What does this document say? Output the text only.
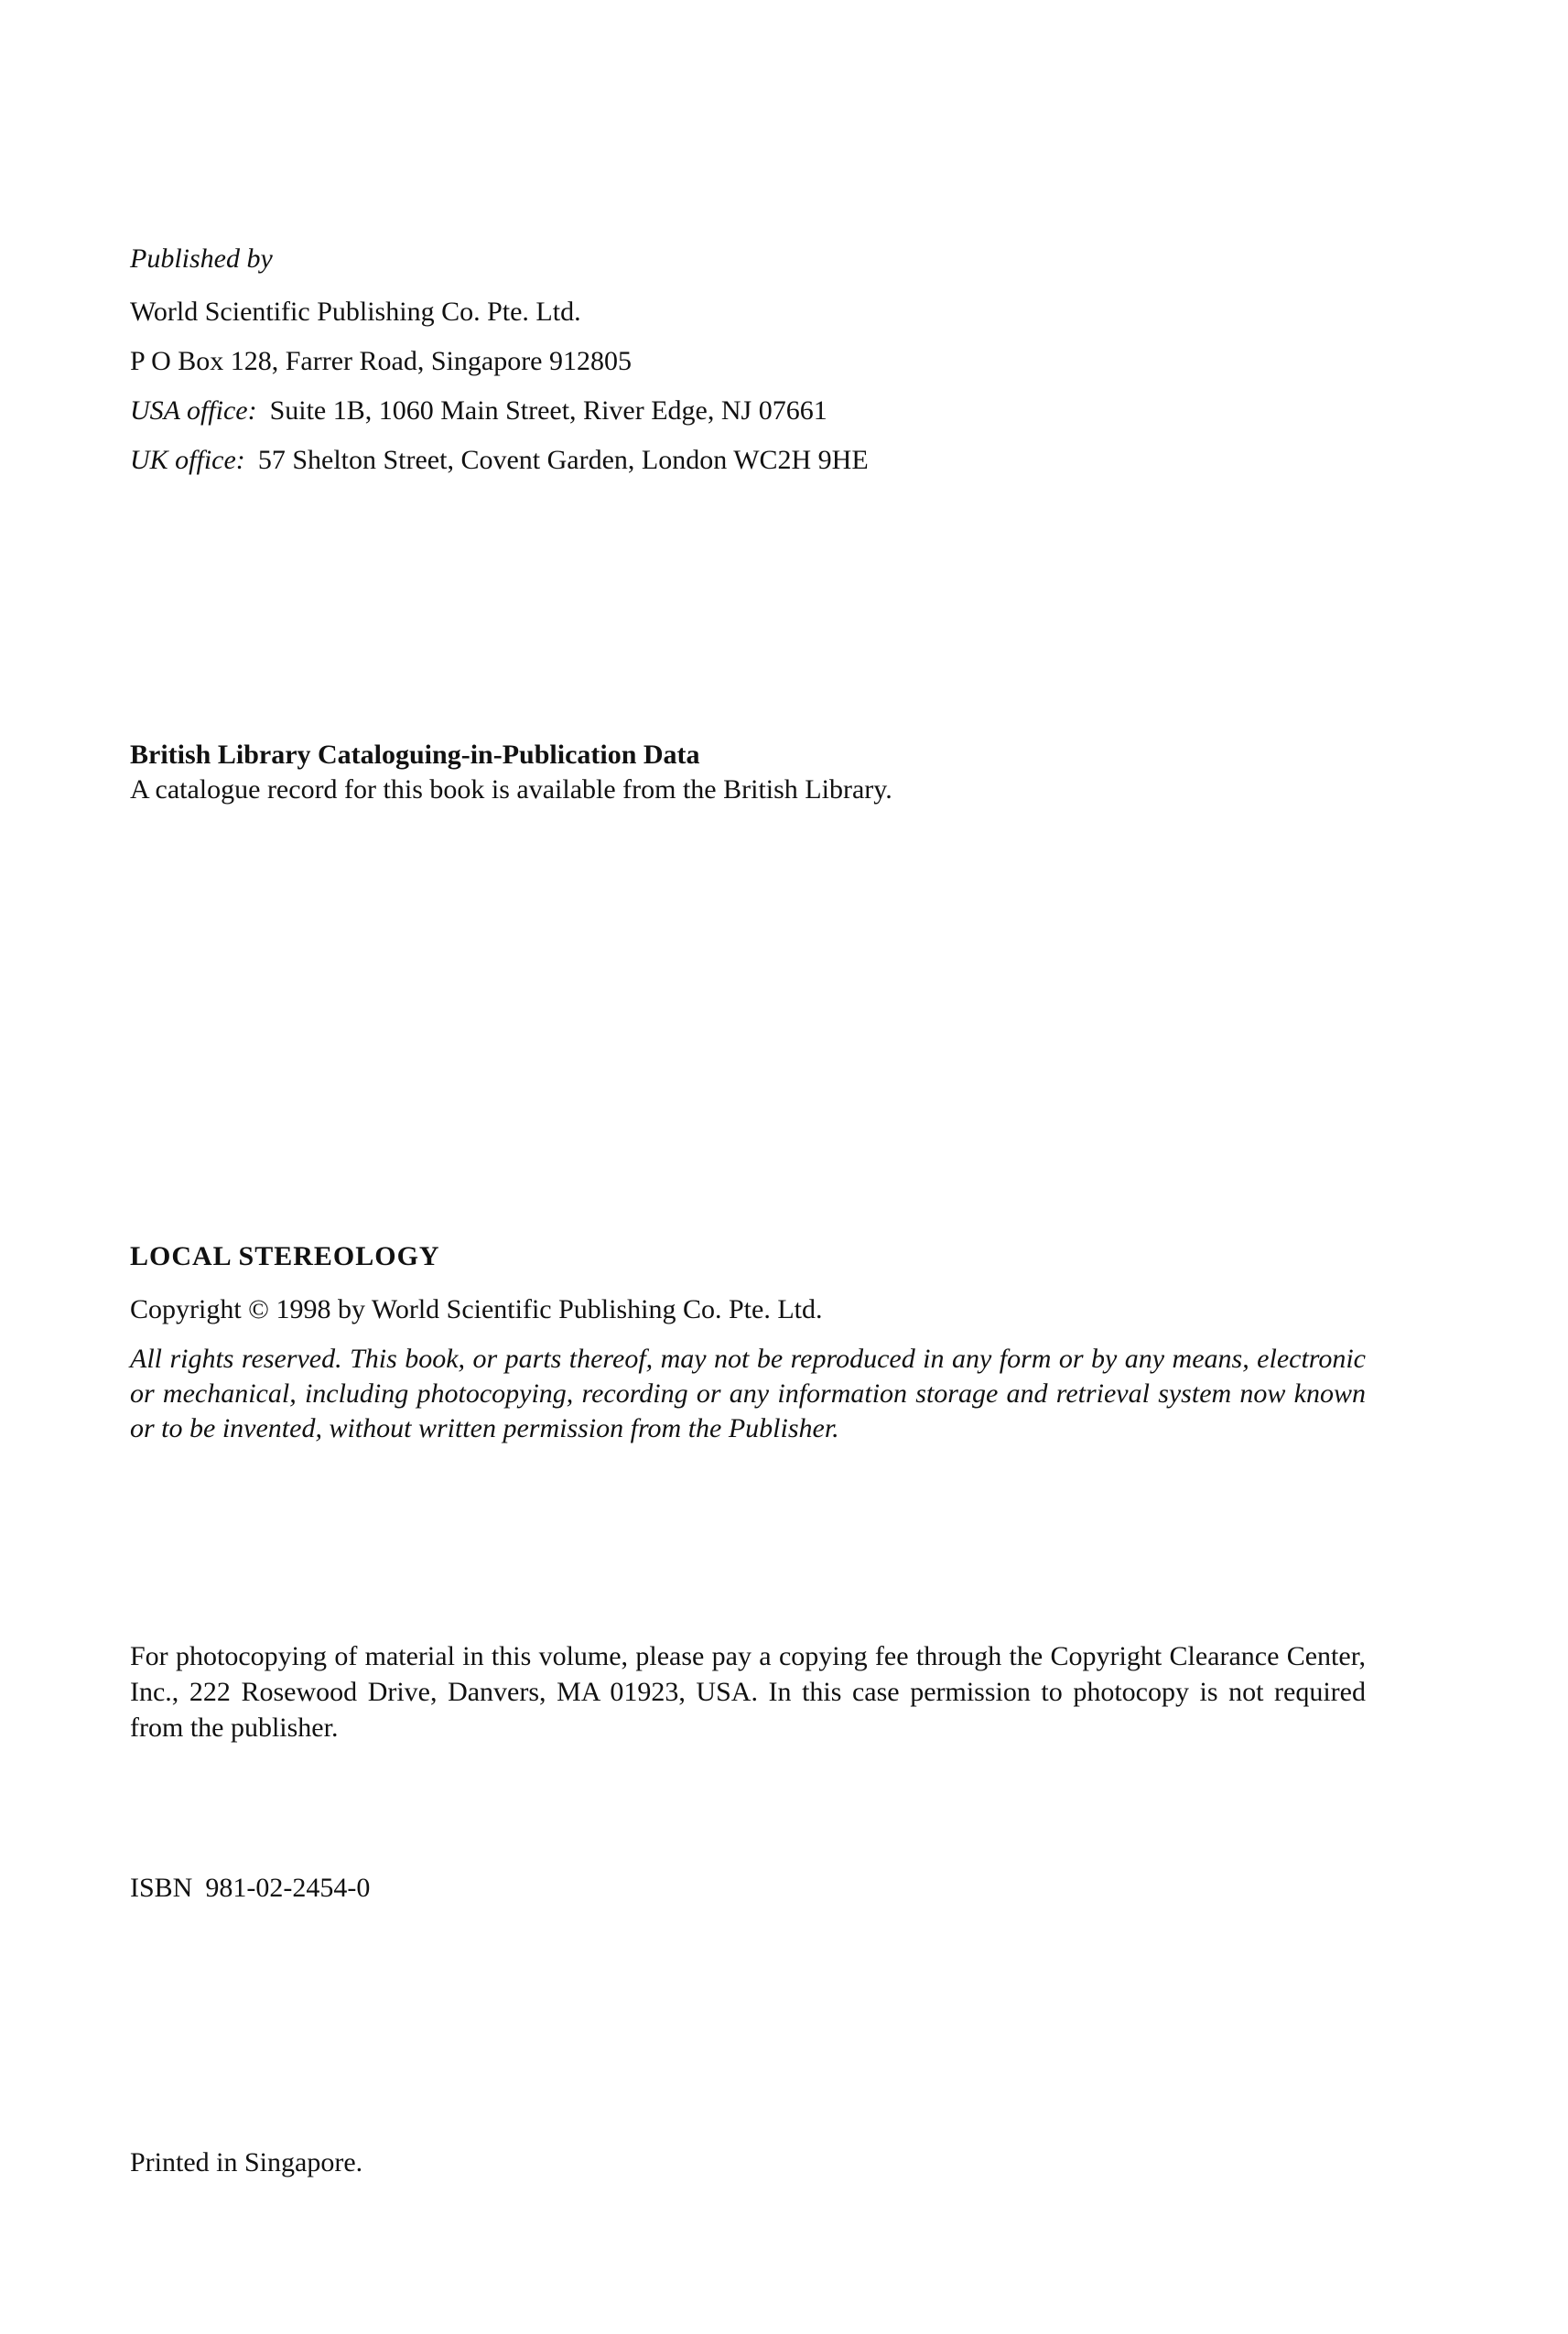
Published by
World Scientific Publishing Co. Pte. Ltd.
P O Box 128, Farrer Road, Singapore 912805
USA office: Suite 1B, 1060 Main Street, River Edge, NJ 07661
UK office: 57 Shelton Street, Covent Garden, London WC2H 9HE
British Library Cataloguing-in-Publication Data
A catalogue record for this book is available from the British Library.
LOCAL STEREOLOGY
Copyright © 1998 by World Scientific Publishing Co. Pte. Ltd.
All rights reserved. This book, or parts thereof, may not be reproduced in any form or by any means, electronic or mechanical, including photocopying, recording or any information storage and retrieval system now known or to be invented, without written permission from the Publisher.
For photocopying of material in this volume, please pay a copying fee through the Copyright Clearance Center, Inc., 222 Rosewood Drive, Danvers, MA 01923, USA. In this case permission to photocopy is not required from the publisher.
ISBN 981-02-2454-0
Printed in Singapore.
